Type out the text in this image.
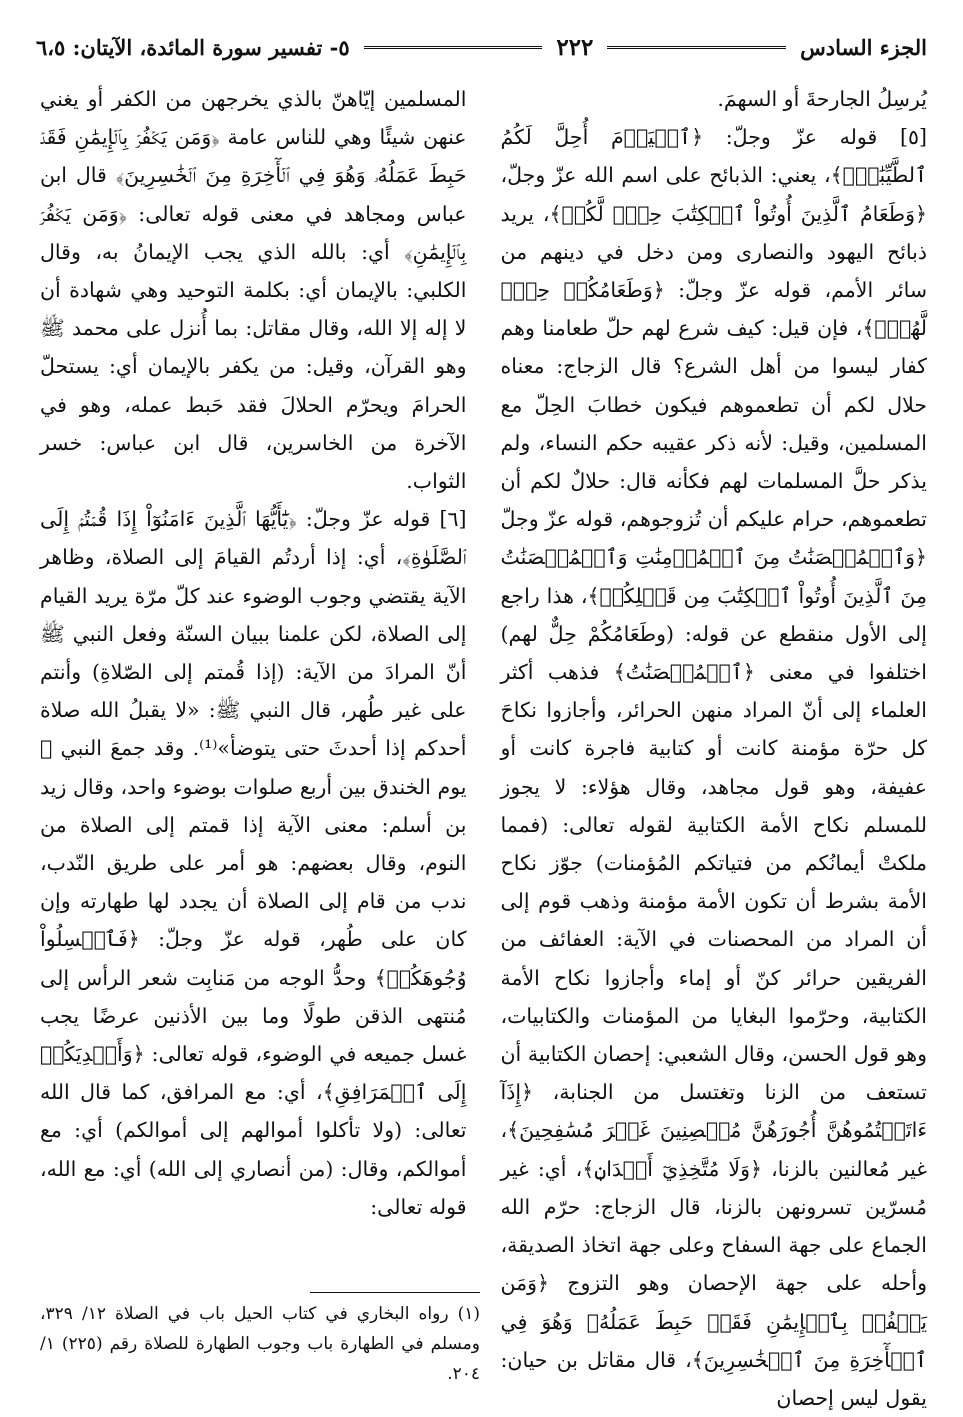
الجزء السادس
٢٢٢
٥- تفسير سورة المائدة، الآيتان: ٦،٥

يُرسِلُ الجارحةَ أو السهمَ.

[٥] قوله عزّ وجلّ: ﴿ٱلۡيَوۡمَ أُحِلَّ لَكُمُ ٱلطَّيِّبَٰتُۖ﴾، يعني: الذبائح على اسم الله عزّ وجلّ، ﴿وَطَعَامُ ٱلَّذِينَ أُوتُواْ ٱلۡكِتَٰبَ حِلّٞ لَّكُمۡ﴾، يريد ذبائح اليهود والنصارى ومن دخل في دينهم من سائر الأمم، قوله عزّ وجلّ: ﴿وَطَعَامُكُمۡ حِلّٞ لَّهُمۡۖ﴾، فإن قيل: كيف شرع لهم حلّ طعامنا وهم كفار ليسوا من أهل الشرع؟ قال الزجاج: معناه حلال لكم أن تطعموهم فيكون خطابَ الحِلّ مع المسلمين، وقيل: لأنه ذكر عقيبه حكم النساء، ولم يذكر حلَّ المسلمات لهم فكأنه قال: حلالٌ لكم أن تطعموهم، حرام عليكم أن تُزوجوهم، قوله عزّ وجلّ ﴿وَٱلۡمُحۡصَنَٰتُ مِنَ ٱلۡمُؤۡمِنَٰتِ وَٱلۡمُحۡصَنَٰتُ مِنَ ٱلَّذِينَ أُوتُواْ ٱلۡكِتَٰبَ مِن قَبۡلِكُمۡ﴾، هذا راجع إلى الأول منقطع عن قوله: (وطَعَامُكُمْ حِلٌّ لهم) اختلفوا في معنى ﴿ٱلۡمُحۡصَنَٰتُ﴾ فذهب أكثر العلماء إلى أنّ المراد منهن الحرائر، وأجازوا نكاحَ كل حرّة مؤمنة كانت أو كتابية فاجرة كانت أو عفيفة، وهو قول مجاهد، وقال هؤلاء: لا يجوز للمسلم نكاح الأمة الكتابية لقوله تعالى: (فمما ملكتْ أيمانُكم من فتياتكم المُؤمنات) جوّز نكاح الأمة بشرط أن تكون الأمة مؤمنة وذهب قوم إلى أن المراد من المحصنات في الآية: العفائف من الفريقين حرائر كنّ أو إماء وأجازوا نكاح الأمة الكتابية، وحرّموا البغايا من المؤمنات والكتابيات، وهو قول الحسن، وقال الشعبي: إحصان الكتابية أن تستعف من الزنا وتغتسل من الجنابة، ﴿إِذَآ ءَاتَيۡتُمُوهُنَّ أُجُورَهُنَّ مُحۡصِنِينَ غَيۡرَ مُسَٰفِحِينَ﴾، غير مُعالنين بالزنا، ﴿وَلَا مُتَّخِذِيٓ أَخۡدَانٖ﴾، أي: غير مُسرّين تسرونهن بالزنا، قال الزجاج: حرّم الله الجماع على جهة السفاح وعلى جهة اتخاذ الصديقة، وأحله على جهة الإحصان وهو التزوج ﴿وَمَن يَكۡفُرۡ بِٱلۡإِيمَٰنِ فَقَدۡ حَبِطَ عَمَلُهُۥ وَهُوَ فِي ٱلۡأٓخِرَةِ مِنَ ٱلۡخَٰسِرِينَ﴾، قال مقاتل بن حيان: يقول ليس إحصان

المسلمين إيّاهنّ بالذي يخرجهن من الكفر أو يغني عنهن شيئًا وهي للناس عامة ﴿وَمَن يَكۡفُرۡ بِٱلۡإِيمَٰنِ فَقَدۡ حَبِطَ عَمَلُهُۥ وَهُوَ فِي ٱلۡأٓخِرَةِ مِنَ ٱلۡخَٰسِرِينَ﴾ قال ابن عباس ومجاهد في معنى قوله تعالى: ﴿وَمَن يَكۡفُرۡ بِٱلۡإِيمَٰنِ﴾ أي: بالله الذي يجب الإيمانُ به، وقال الكلبي: بالإيمان أي: بكلمة التوحيد وهي شهادة أن لا إله إلا الله، وقال مقاتل: بما أُنزل على محمد ﷺ وهو القرآن، وقيل: من يكفر بالإيمان أي: يستحلّ الحرامَ ويحرّم الحلالَ فقد حَبط عمله، وهو في الآخرة من الخاسرين، قال ابن عباس: خسر الثواب.

[٦] قوله عزّ وجلّ: ﴿يَٰٓأَيُّهَا ٱلَّذِينَ ءَامَنُوٓاْ إِذَا قُمۡتُمۡ إِلَى ٱلصَّلَوٰةِ﴾، أي: إذا أردتُم القيامَ إلى الصلاة، وظاهر الآية يقتضي وجوب الوضوء عند كلّ مرّة يريد القيام إلى الصلاة، لكن علمنا ببيان السنّة وفعل النبي ﷺ أنّ المرادَ من الآية: (إذا قُمتم إلى الصّلاةِ) وأنتم على غير طُهر، قال النبي ﷺ: «لا يقبلُ الله صلاة أحدكم إذا أحدثَ حتى يتوضأ»⁽¹⁾. وقد جمعَ النبي ﷺ يوم الخندق بين أربع صلوات بوضوء واحد، وقال زيد بن أسلم: معنى الآية إذا قمتم إلى الصلاة من النوم، وقال بعضهم: هو أمر على طريق النّدب، ندب من قام إلى الصلاة أن يجدد لها طهارته وإن كان على طُهر، قوله عزّ وجلّ: ﴿فَٱغۡسِلُواْ وُجُوهَكُمۡ﴾ وحدُّ الوجه من مَنابِت شعر الرأس إلى مُنتهى الذقن طولًا وما بين الأذنين عرضًا يجب غسل جميعه في الوضوء، قوله تعالى: ﴿وَأَيۡدِيَكُمۡ إِلَى ٱلۡمَرَافِقِ﴾، أي: مع المرافق، كما قال الله تعالى: (ولا تأكلوا أموالهم إلى أموالكم) أي: مع أموالكم، وقال: (من أنصاري إلى الله) أي: مع الله، قوله تعالى:

(١) رواه البخاري في كتاب الحيل باب في الصلاة ١٢/ ٣٢٩، ومسلم في الطهارة باب وجوب الطهارة للصلاة رقم (٢٢٥) ١/ ٢٠٤.
